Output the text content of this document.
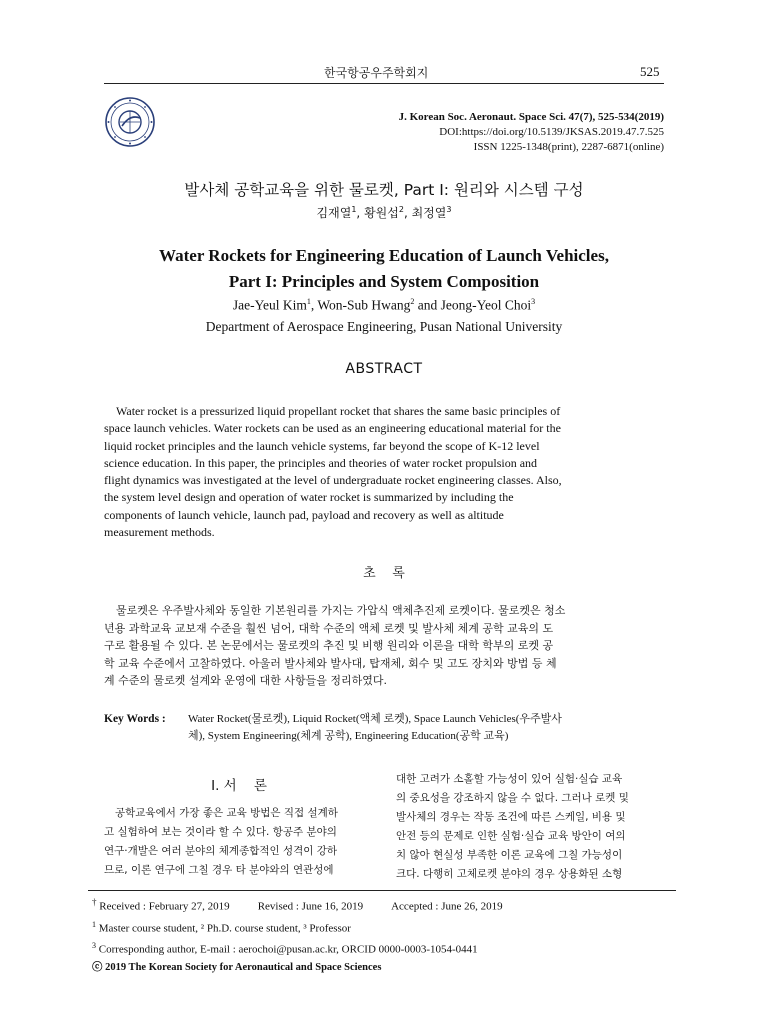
한국항공우주학회지	525
J. Korean Soc. Aeronaut. Space Sci. 47(7), 525-534(2019)
DOI:https://doi.org/10.5139/JKSAS.2019.47.7.525
ISSN 1225-1348(print), 2287-6871(online)
발사체 공학교육을 위한 물로켓, Part I: 원리와 시스템 구성
김재열$^1$, 황원섭$^2$, 최정열$^3$
Water Rockets for Engineering Education of Launch Vehicles,
Part I: Principles and System Composition
Jae-Yeul Kim$^1$, Won-Sub Hwang$^2$ and Jeong-Yeol Choi$^3$
Department of Aerospace Engineering, Pusan National University
ABSTRACT
Water rocket is a pressurized liquid propellant rocket that shares the same basic principles of
space launch vehicles. Water rockets can be used as an engineering educational material for the
liquid rocket principles and the launch vehicle systems, far beyond the scope of K-12 level
science education. In this paper, the principles and theories of water rocket propulsion and
flight dynamics was investigated at the level of undergraduate rocket engineering classes. Also,
the system level design and operation of water rocket is summarized by including the
components of launch vehicle, launch pad, payload and recovery as well as altitude
measurement methods.
초    록
물로켓은 우주발사체와 동일한 기본원리를 가지는 가압식 액체추진제 로켓이다. 물로켓은 청소
년용 과학교육 교보재 수준을 훨씬 넘어, 대학 수준의 액체 로켓 및 발사체 체계 공학 교육의 도
구로 활용될 수 있다. 본 논문에서는 물로켓의 추진 및 비행 원리와 이론을 대학 학부의 로켓 공
학 교육 수준에서 고찰하였다. 아울러 발사체와 발사대, 탑재체, 회수 및 고도 장치와 방법 등 체
계 수준의 물로켓 설계와 운영에 대한 사항들을 정리하였다.
Key Words : Water Rocket(물로켓), Liquid Rocket(액체 로켓), Space Launch Vehicles(우주발사
체), System Engineering(체계 공학), Engineering Education(공학 교육)
Ⅰ. 서    론
공학교육에서 가장 좋은 교육 방법은 직접 설계하
고 실험하여 보는 것이라 할 수 있다. 항공주 분야의
연구·개발은 여러 분야의 체계종합적인 성격이 강하
므로, 이론 연구에 그칠 경우 타 분야와의 연관성에
대한 고려가 소홀할 가능성이 있어 실험·실습 교육
의 중요성을 강조하지 않을 수 없다. 그러나 로켓 및
발사체의 경우는 작동 조건에 따른 스케일, 비용 및
안전 등의 문제로 인한 실험·실습 교육 방안이 여의
치 않아 현실성 부족한 이론 교육에 그칠 가능성이
크다. 다행히 고체로켓 분야의 경우 상용화된 소형
† Received : February 27, 2019	Revised : June 16, 2019	Accepted : June 26, 2019
$^1$ Master course student, ² Ph.D. course student, ³ Professor
$^3$ Corresponding author, E-mail : aerochoi@pusan.ac.kr, ORCID 0000-0003-1054-0441
ⓒ 2019 The Korean Society for Aeronautical and Space Sciences
